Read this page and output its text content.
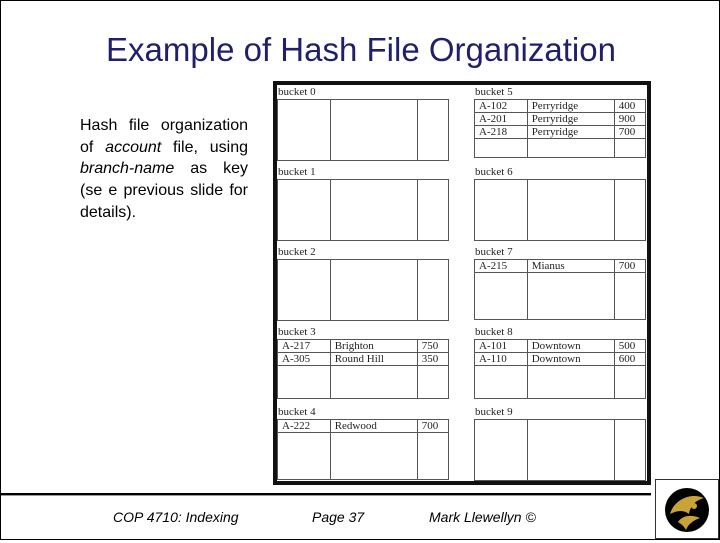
Example of Hash File Organization
Hash file organization of account file, using branch-name as key (se e previous slide for details).
bucket 0

bucket 1

bucket 2

bucket 3
A-217	Brighton	750
A-305	Round Hill	350

bucket 4
A-222	Redwood	700

bucket 5
A-102	Perryridge	400
A-201	Perryridge	900
A-218	Perryridge	700

bucket 6

bucket 7
A-215	Mianus	700

bucket 8
A-101	Downtown	500
A-110	Downtown	600

bucket 9

COP 4710: Indexing	Page 37	Mark Llewellyn ©
